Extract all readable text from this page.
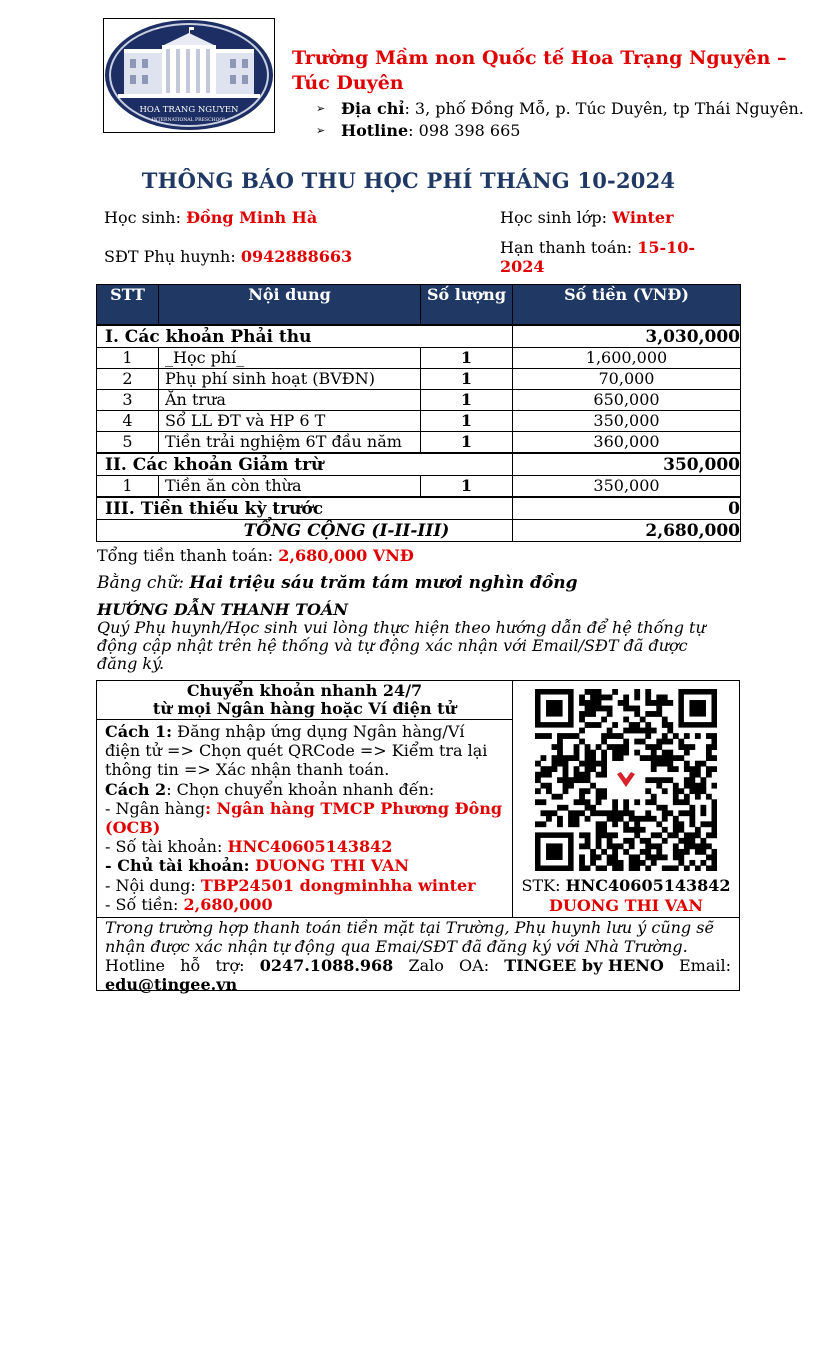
HOA TRANG NGUYEN
INTERNATIONAL PRESCHOOL
Trường Mầm non Quốc tế Hoa Trạng Nguyên – Túc Duyên
➢ Địa chỉ: 3, phố Đồng Mỗ, p. Túc Duyên, tp Thái Nguyên.
➢ Hotline: 098 398 665
THÔNG BÁO THU HỌC PHÍ THÁNG 10-2024
Học sinh: Đồng Minh Hà	Học sinh lớp: Winter
SĐT Phụ huynh: 0942888663	Hạn thanh toán: 15-10-2024
STT	Nội dung	Số lượng	Số tiền (VNĐ)
I. Các khoản Phải thu			3,030,000
1	_Học phí_	1	1,600,000
2	Phụ phí sinh hoạt (BVĐN)	1	70,000
3	Ăn trưa	1	650,000
4	Sổ LL ĐT và HP 6 T	1	350,000
5	Tiền trải nghiệm 6T đầu năm	1	360,000
II. Các khoản Giảm trừ			350,000
1	Tiền ăn còn thừa	1	350,000
III. Tiền thiếu kỳ trước			0
TỔNG CỘNG (I-II-III)			2,680,000
Tổng tiền thanh toán: 2,680,000 VNĐ
Bằng chữ: Hai triệu sáu trăm tám mươi nghìn đồng
HƯỚNG DẪN THANH TOÁN
Quý Phụ huynh/Học sinh vui lòng thực hiện theo hướng dẫn để hệ thống tự động cập nhật trên hệ thống và tự động xác nhận với Email/SĐT đã được đăng ký.
Chuyển khoản nhanh 24/7
từ mọi Ngân hàng hoặc Ví điện tử
Cách 1: Đăng nhập ứng dụng Ngân hàng/Ví điện tử => Chọn quét QRCode => Kiểm tra lại thông tin => Xác nhận thanh toán.
Cách 2: Chọn chuyển khoản nhanh đến:
- Ngân hàng: Ngân hàng TMCP Phương Đông (OCB)
- Số tài khoản: HNC40605143842
- Chủ tài khoản: DUONG THI VAN
- Nội dung: TBP24501 dongminhha winter
- Số tiền: 2,680,000
STK: HNC40605143842
DUONG THI VAN
Trong trường hợp thanh toán tiền mặt tại Trường, Phụ huynh lưu ý cũng sẽ nhận được xác nhận tự động qua Emai/SĐT đã đăng ký với Nhà Trường.
Hotline hỗ trợ: 0247.1088.968 Zalo OA: TINGEE by HENO Email:
edu@tingee.vn
